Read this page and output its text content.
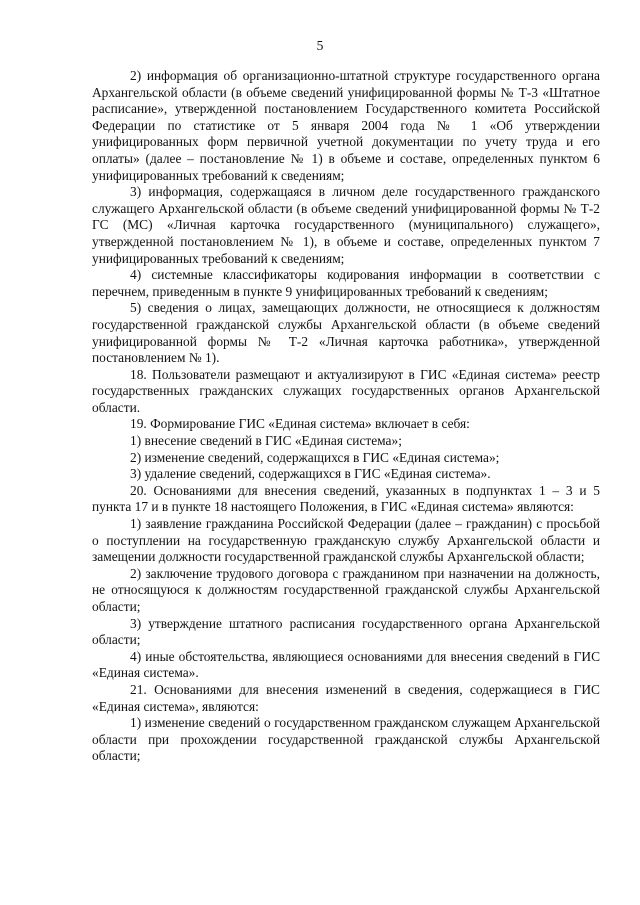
5

2) информация об организационно-штатной структуре государственного органа Архангельской области (в объеме сведений унифицированной формы № Т-3 «Штатное расписание», утвержденной постановлением Государственного комитета Российской Федерации по статистике от 5 января 2004 года № 1 «Об утверждении унифицированных форм первичной учетной документации по учету труда и его оплаты» (далее – постановление № 1) в объеме и составе, определенных пунктом 6 унифицированных требований к сведениям;

3) информация, содержащаяся в личном деле государственного гражданского служащего Архангельской области (в объеме сведений унифицированной формы № Т-2 ГС (МС) «Личная карточка государственного (муниципального) служащего», утвержденной постановлением № 1), в объеме и составе, определенных пунктом 7 унифицированных требований к сведениям;

4) системные классификаторы кодирования информации в соответствии с перечнем, приведенным в пункте 9 унифицированных требований к сведениям;

5) сведения о лицах, замещающих должности, не относящиеся к должностям государственной гражданской службы Архангельской области (в объеме сведений унифицированной формы № Т-2 «Личная карточка работника», утвержденной постановлением № 1).

18. Пользователи размещают и актуализируют в ГИС «Единая система» реестр государственных гражданских служащих государственных органов Архангельской области.

19. Формирование ГИС «Единая система» включает в себя:

1) внесение сведений в ГИС «Единая система»;

2) изменение сведений, содержащихся в ГИС «Единая система»;

3) удаление сведений, содержащихся в ГИС «Единая система».

20. Основаниями для внесения сведений, указанных в подпунктах 1 – 3 и 5 пункта 17 и в пункте 18 настоящего Положения, в ГИС «Единая система» являются:

1) заявление гражданина Российской Федерации (далее – гражданин) с просьбой о поступлении на государственную гражданскую службу Архангельской области и замещении должности государственной гражданской службы Архангельской области;

2) заключение трудового договора с гражданином при назначении на должность, не относящуюся к должностям государственной гражданской службы Архангельской области;

3) утверждение штатного расписания государственного органа Архангельской области;

4) иные обстоятельства, являющиеся основаниями для внесения сведений в ГИС «Единая система».

21. Основаниями для внесения изменений в сведения, содержащиеся в ГИС «Единая система», являются:

1) изменение сведений о государственном гражданском служащем Архангельской области при прохождении государственной гражданской службы Архангельской области;
